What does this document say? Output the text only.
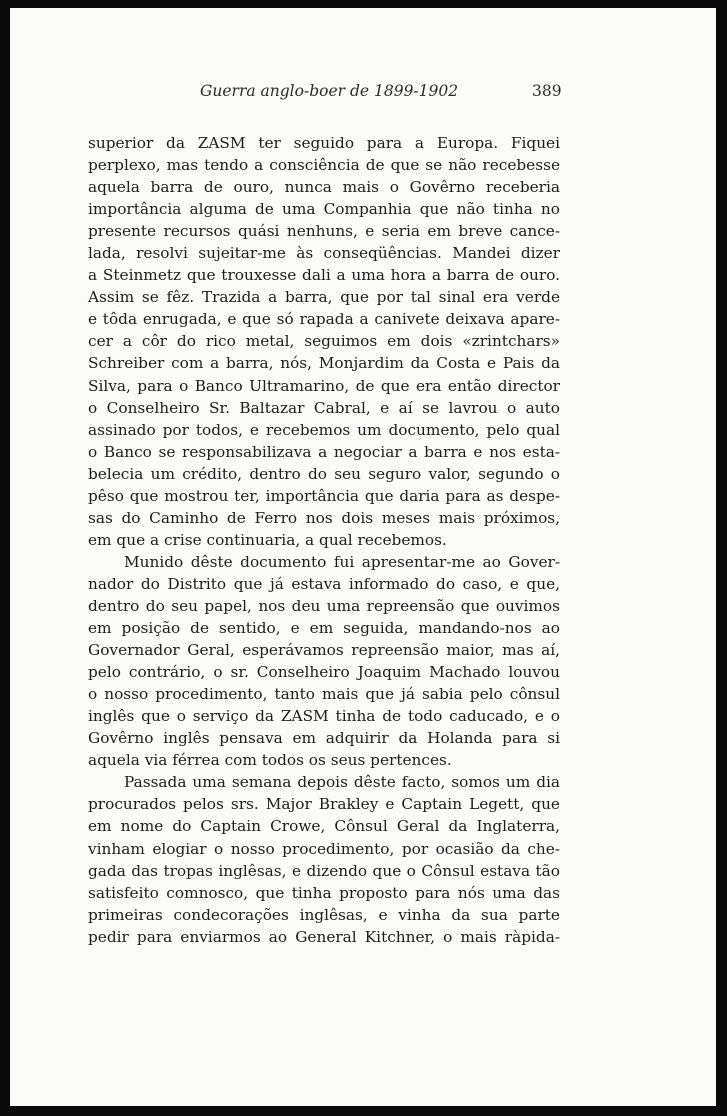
Guerra anglo-boer de 1899-1902	389
superior da ZASM ter seguido para a Europa. Fiquei
perplexo, mas tendo a consciência de que se não recebesse
aquela barra de ouro, nunca mais o Govêrno receberia
importância alguma de uma Companhia que não tinha no
presente recursos quási nenhuns, e seria em breve cance-
lada, resolvi sujeitar-me às conseqüências. Mandei dizer
a Steinmetz que trouxesse dali a uma hora a barra de ouro.
Assim se fêz. Trazida a barra, que por tal sinal era verde
e tôda enrugada, e que só rapada a canivete deixava apare-
cer a côr do rico metal, seguimos em dois «zrintchars»
Schreiber com a barra, nós, Monjardim da Costa e Pais da
Silva, para o Banco Ultramarino, de que era então director
o Conselheiro Sr. Baltazar Cabral, e aí se lavrou o auto
assinado por todos, e recebemos um documento, pelo qual
o Banco se responsabilizava a negociar a barra e nos esta-
belecia um crédito, dentro do seu seguro valor, segundo o
pêso que mostrou ter, importância que daria para as despe-
sas do Caminho de Ferro nos dois meses mais próximos,
em que a crise continuaria, a qual recebemos.
Munido dêste documento fui apresentar-me ao Gover-
nador do Distrito que já estava informado do caso, e que,
dentro do seu papel, nos deu uma repreensão que ouvimos
em posição de sentido, e em seguida, mandando-nos ao
Governador Geral, esperávamos repreensão maior, mas aí,
pelo contrário, o sr. Conselheiro Joaquim Machado louvou
o nosso procedimento, tanto mais que já sabia pelo cônsul
inglês que o serviço da ZASM tinha de todo caducado, e o
Govêrno inglês pensava em adquirir da Holanda para si
aquela via férrea com todos os seus pertences.
Passada uma semana depois dêste facto, somos um dia
procurados pelos srs. Major Brakley e Captain Legett, que
em nome do Captain Crowe, Cônsul Geral da Inglaterra,
vinham elogiar o nosso procedimento, por ocasião da che-
gada das tropas inglêsas, e dizendo que o Cônsul estava tão
satisfeito comnosco, que tinha proposto para nós uma das
primeiras condecorações inglêsas, e vinha da sua parte
pedir para enviarmos ao General Kitchner, o mais ràpida-
